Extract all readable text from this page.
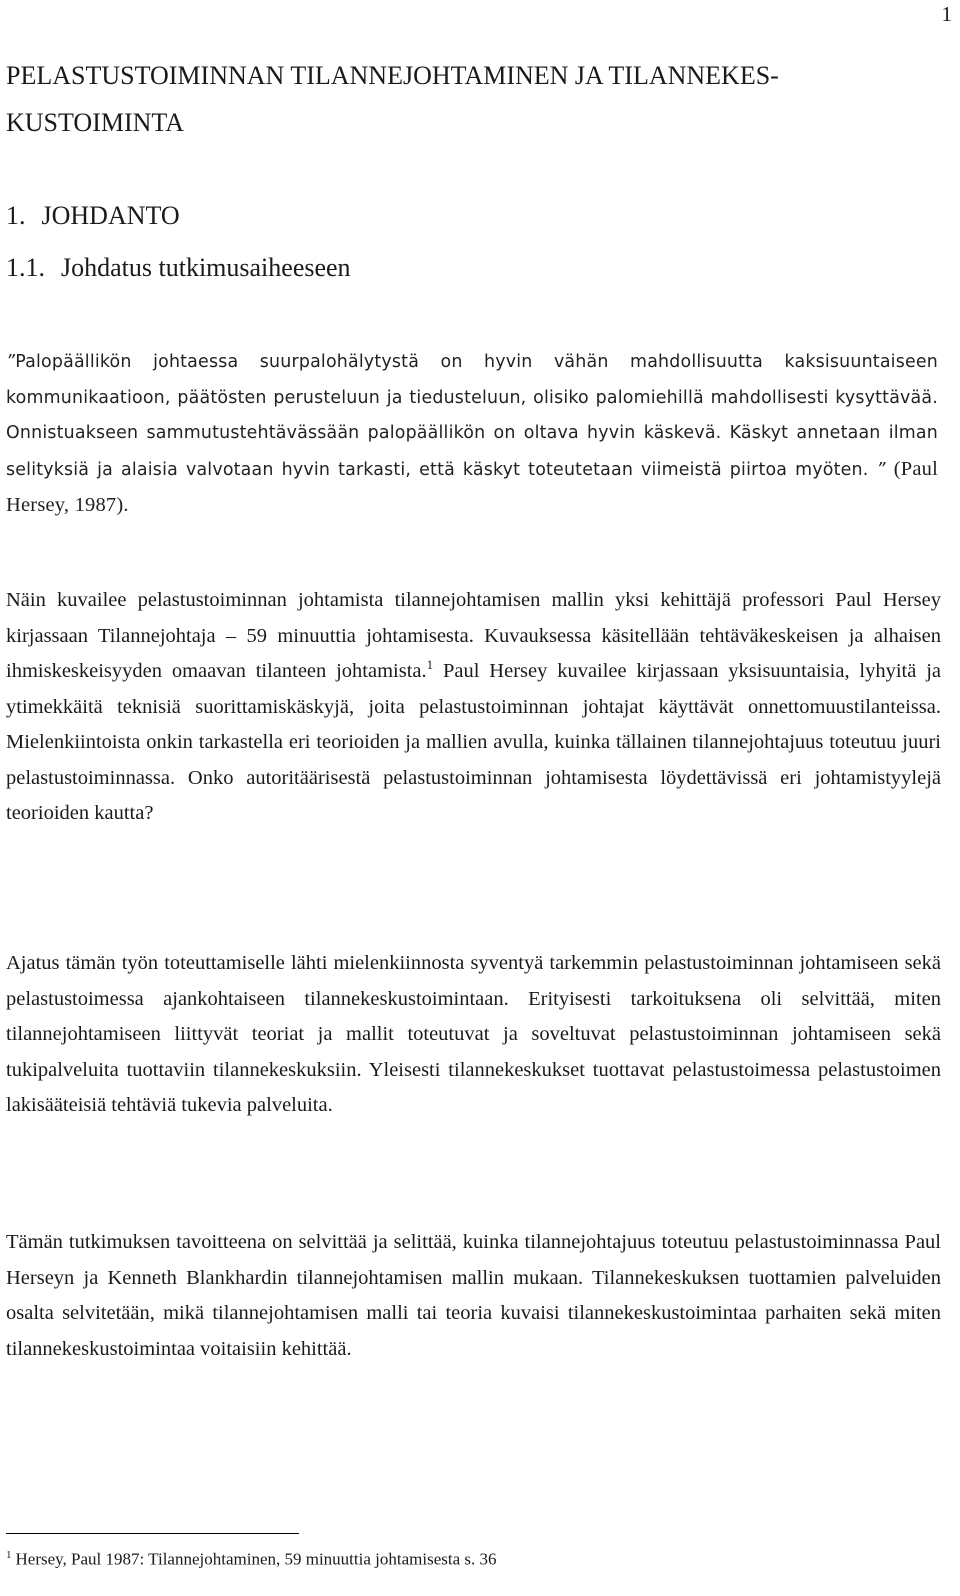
1
PELASTUSTOIMINNAN TILANNEJOHTAMINEN JA TILANNEKES-KUSTOIMINTA
1. JOHDANTO
1.1. Johdatus tutkimusaiheeseen

”Palopäällikön johtaessa suurpalohälytystä on hyvin vähän mahdollisuutta kaksisuuntaiseen kommunikaatioon, päätösten perusteluun ja tiedusteluun, olisiko palomiehillä mahdollisesti kysyttävää. Onnistuakseen sammutustehtävässään palopäällikön on oltava hyvin käskevä. Käskyt annetaan ilman selityksiä ja alaisia valvotaan hyvin tarkasti, että käskyt toteutetaan viimeistä piirtoa myöten. ” (Paul Hersey, 1987).

Näin kuvailee pelastustoiminnan johtamista tilannejohtamisen mallin yksi kehittäjä professori Paul Hersey kirjassaan Tilannejohtaja – 59 minuuttia johtamisesta. Kuvauksessa käsitellään tehtäväkeskeisen ja alhaisen ihmiskeskeisyyden omaavan tilanteen johtamista.$^1$ Paul Hersey kuvailee kirjassaan yksisuuntaisia, lyhyitä ja ytimekkäitä teknisiä suorittamiskäskyjä, joita pelastustoiminnan johtajat käyttävät onnettomuustilanteissa. Mielenkiintoista onkin tarkastella eri teorioiden ja mallien avulla, kuinka tällainen tilannejohtajuus toteutuu juuri pelastustoiminnassa. Onko autoritäärisestä pelastustoiminnan johtamisesta löydettävissä eri johtamistyylejä teorioiden kautta?

Ajatus tämän työn toteuttamiselle lähti mielenkiinnosta syventyä tarkemmin pelastustoiminnan johtamiseen sekä pelastustoimessa ajankohtaiseen tilannekeskustoimintaan. Erityisesti tarkoituksena oli selvittää, miten tilannejohtamiseen liittyvät teoriat ja mallit toteutuvat ja soveltuvat pelastustoiminnan johtamiseen sekä tukipalveluita tuottaviin tilannekeskuksiin. Yleisesti tilannekeskukset tuottavat pelastustoimessa pelastustoimen lakisääteisiä tehtäviä tukevia palveluita.

Tämän tutkimuksen tavoitteena on selvittää ja selittää, kuinka tilannejohtajuus toteutuu pelastustoiminnassa Paul Herseyn ja Kenneth Blankhardin tilannejohtamisen mallin mukaan. Tilannekeskuksen tuottamien palveluiden osalta selvitetään, mikä tilannejohtamisen malli tai teoria kuvaisi tilannekeskustoimintaa parhaiten sekä miten tilannekeskustoimintaa voitaisiin kehittää.

$^1$ Hersey, Paul 1987: Tilannejohtaminen, 59 minuuttia johtamisesta s. 36
